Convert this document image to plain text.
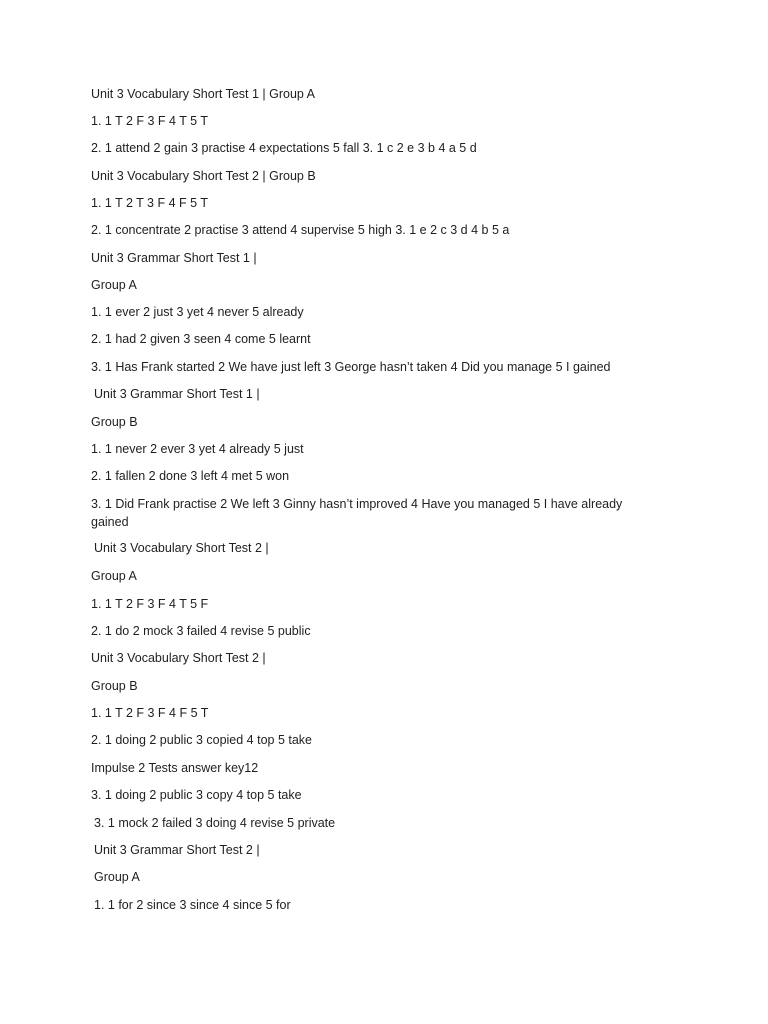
Unit 3 Vocabulary Short Test 1 | Group A

1. 1 T 2 F 3 F 4 T 5 T

2. 1 attend 2 gain 3 practise 4 expectations 5 fall 3. 1 c 2 e 3 b 4 a 5 d

Unit 3 Vocabulary Short Test 2 | Group B

1. 1 T 2 T 3 F 4 F 5 T

2. 1 concentrate 2 practise 3 attend 4 supervise 5 high 3. 1 e 2 c 3 d 4 b 5 a

Unit 3 Grammar Short Test 1 |

Group A

1. 1 ever 2 just 3 yet 4 never 5 already

2. 1 had 2 given 3 seen 4 come 5 learnt

3. 1 Has Frank started 2 We have just left 3 George hasn’t taken 4 Did you manage 5 I gained

Unit 3 Grammar Short Test 1 |

Group B

1. 1 never 2 ever 3 yet 4 already 5 just

2. 1 fallen 2 done 3 left 4 met 5 won

3. 1 Did Frank practise 2 We left 3 Ginny hasn’t improved 4 Have you managed 5 I have already gained

Unit 3 Vocabulary Short Test 2 |

Group A

1. 1 T 2 F 3 F 4 T 5 F

2. 1 do 2 mock 3 failed 4 revise 5 public

Unit 3 Vocabulary Short Test 2 |

Group B

1. 1 T 2 F 3 F 4 F 5 T

2. 1 doing 2 public 3 copied 4 top 5 take

Impulse 2 Tests answer key12

3. 1 doing 2 public 3 copy 4 top 5 take

3. 1 mock 2 failed 3 doing 4 revise 5 private

Unit 3 Grammar Short Test 2 |

Group A

1. 1 for 2 since 3 since 4 since 5 for
